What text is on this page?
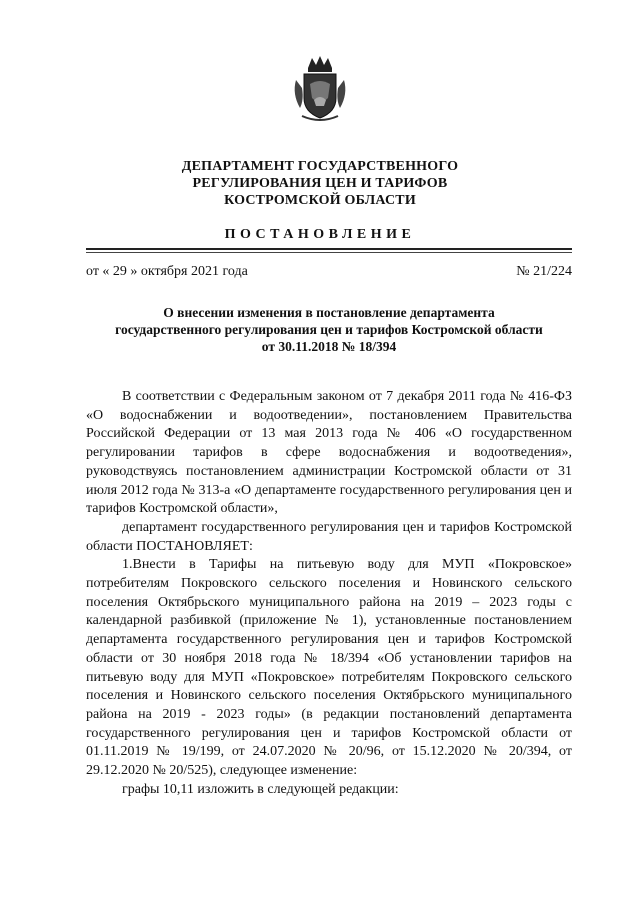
ДЕПАРТАМЕНТ ГОСУДАРСТВЕННОГО
РЕГУЛИРОВАНИЯ ЦЕН И ТАРИФОВ
КОСТРОМСКОЙ ОБЛАСТИ
ПОСТАНОВЛЕНИЕ
от « 29 » октября 2021 года	№ 21/224
О внесении изменения в постановление департамента
государственного регулирования цен и тарифов Костромской области
от 30.11.2018 № 18/394

В соответствии с Федеральным законом от 7 декабря 2011 года № 416-ФЗ «О водоснабжении и водоотведении», постановлением Правительства Российской Федерации от 13 мая 2013 года № 406 «О государственном регулировании тарифов в сфере водоснабжения и водоотведения», руководствуясь постановлением администрации Костромской области от 31 июля 2012 года № 313-а «О департаменте государственного регулирования цен и тарифов Костромской области»,

департамент государственного регулирования цен и тарифов Костромской области ПОСТАНОВЛЯЕТ:

1.Внести в Тарифы на питьевую воду для МУП «Покровское» потребителям Покровского сельского поселения и Новинского сельского поселения Октябрьского муниципального района на 2019 – 2023 годы с календарной разбивкой (приложение № 1), установленные постановлением департамента государственного регулирования цен и тарифов Костромской области от 30 ноября 2018 года № 18/394 «Об установлении тарифов на питьевую воду для МУП «Покровское» потребителям Покровского сельского поселения и Новинского сельского поселения Октябрьского муниципального района на 2019 - 2023 годы» (в редакции постановлений департамента государственного регулирования цен и тарифов Костромской области от 01.11.2019 № 19/199, от 24.07.2020 № 20/96, от 15.12.2020 № 20/394, от 29.12.2020 № 20/525), следующее изменение:

графы 10,11 изложить в следующей редакции:
